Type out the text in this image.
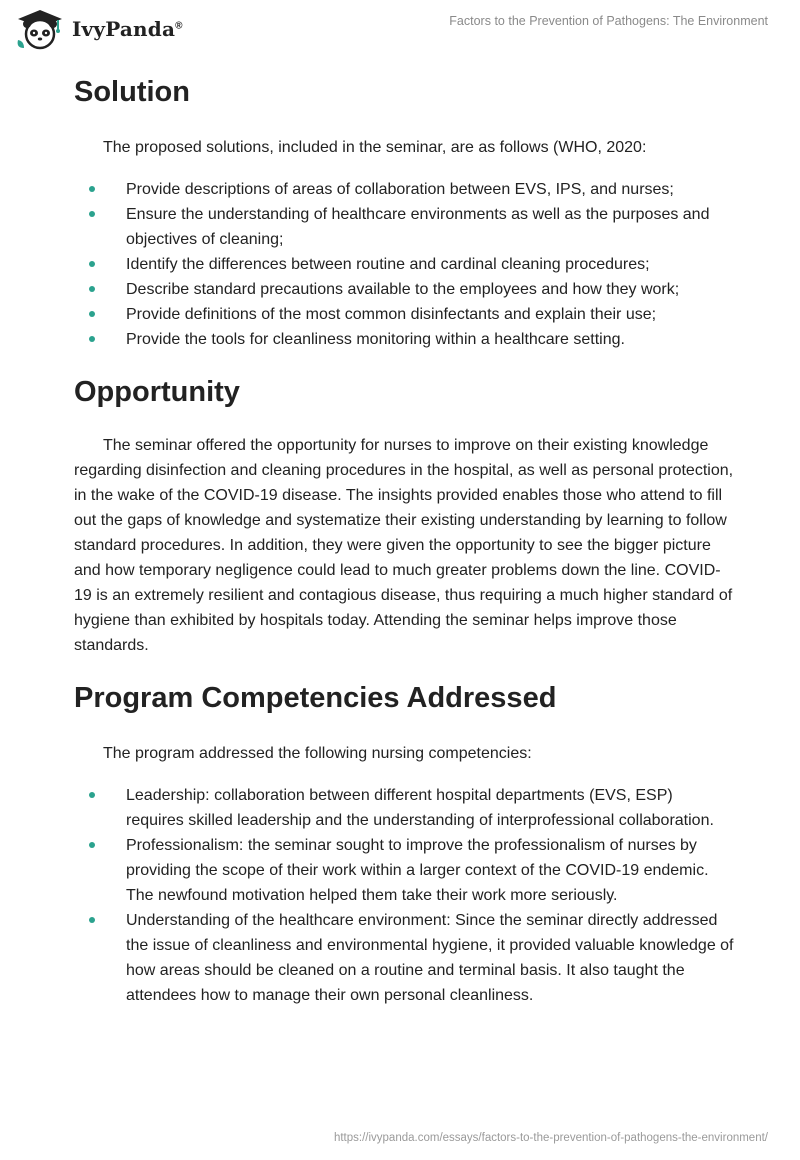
IvyPanda®	Factors to the Prevention of Pathogens: The Environment
Solution

The proposed solutions, included in the seminar, are as follows (WHO, 2020:

Provide descriptions of areas of collaboration between EVS, IPS, and nurses;
Ensure the understanding of healthcare environments as well as the purposes and objectives of cleaning;
Identify the differences between routine and cardinal cleaning procedures;
Describe standard precautions available to the employees and how they work;
Provide definitions of the most common disinfectants and explain their use;
Provide the tools for cleanliness monitoring within a healthcare setting.
Opportunity

The seminar offered the opportunity for nurses to improve on their existing knowledge regarding disinfection and cleaning procedures in the hospital, as well as personal protection, in the wake of the COVID-19 disease. The insights provided enables those who attend to fill out the gaps of knowledge and systematize their existing understanding by learning to follow standard procedures. In addition, they were given the opportunity to see the bigger picture and how temporary negligence could lead to much greater problems down the line. COVID-19 is an extremely resilient and contagious disease, thus requiring a much higher standard of hygiene than exhibited by hospitals today. Attending the seminar helps improve those standards.

Program Competencies Addressed

The program addressed the following nursing competencies:

Leadership: collaboration between different hospital departments (EVS, ESP) requires skilled leadership and the understanding of interprofessional collaboration.
Professionalism: the seminar sought to improve the professionalism of nurses by providing the scope of their work within a larger context of the COVID-19 endemic. The newfound motivation helped them take their work more seriously.
Understanding of the healthcare environment: Since the seminar directly addressed the issue of cleanliness and environmental hygiene, it provided valuable knowledge of how areas should be cleaned on a routine and terminal basis. It also taught the attendees how to manage their own personal cleanliness.
https://ivypanda.com/essays/factors-to-the-prevention-of-pathogens-the-environment/
